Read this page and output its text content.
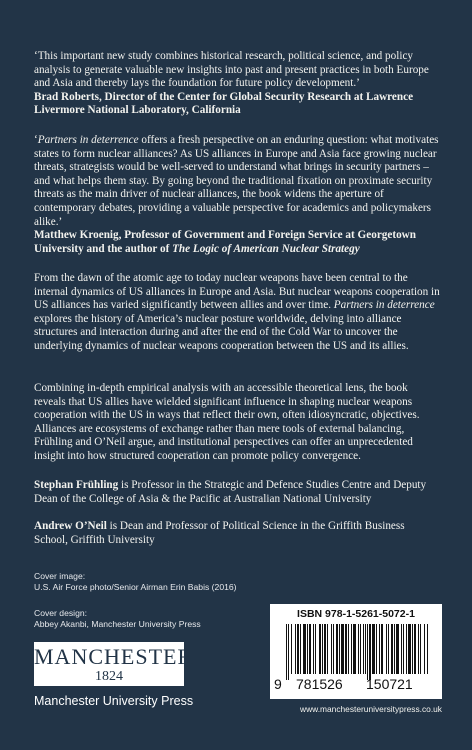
‘This important new study combines historical research, political science, and policy analysis to generate valuable new insights into past and present practices in both Europe and Asia and thereby lays the foundation for future policy development.’
Brad Roberts, Director of the Center for Global Security Research at Lawrence Livermore National Laboratory, California
‘Partners in deterrence offers a fresh perspective on an enduring question: what motivates states to form nuclear alliances? As US alliances in Europe and Asia face growing nuclear threats, strategists would be well-served to understand what brings in security partners – and what helps them stay. By going beyond the traditional fixation on proximate security threats as the main driver of nuclear alliances, the book widens the aperture of contemporary debates, providing a valuable perspective for academics and policymakers alike.’
Matthew Kroenig, Professor of Government and Foreign Service at Georgetown University and the author of The Logic of American Nuclear Strategy
From the dawn of the atomic age to today nuclear weapons have been central to the internal dynamics of US alliances in Europe and Asia. But nuclear weapons cooperation in US alliances has varied significantly between allies and over time. Partners in deterrence explores the history of America’s nuclear posture worldwide, delving into alliance structures and interaction during and after the end of the Cold War to uncover the underlying dynamics of nuclear weapons cooperation between the US and its allies.
Combining in-depth empirical analysis with an accessible theoretical lens, the book reveals that US allies have wielded significant influence in shaping nuclear weapons cooperation with the US in ways that reflect their own, often idiosyncratic, objectives. Alliances are ecosystems of exchange rather than mere tools of external balancing, Frühling and O’Neil argue, and institutional perspectives can offer an unprecedented insight into how structured cooperation can promote policy convergence.
Stephan Frühling is Professor in the Strategic and Defence Studies Centre and Deputy Dean of the College of Asia & the Pacific at Australian National University
Andrew O’Neil is Dean and Professor of Political Science in the Griffith Business School, Griffith University
Cover image:
U.S. Air Force photo/Senior Airman Erin Babis (2016)
Cover design:
Abbey Akanbi, Manchester University Press
MANCHESTER
1824
Manchester University Press
ISBN 978-1-5261-5072-1
9 781526 150721
www.manchesteruniversitypress.co.uk
